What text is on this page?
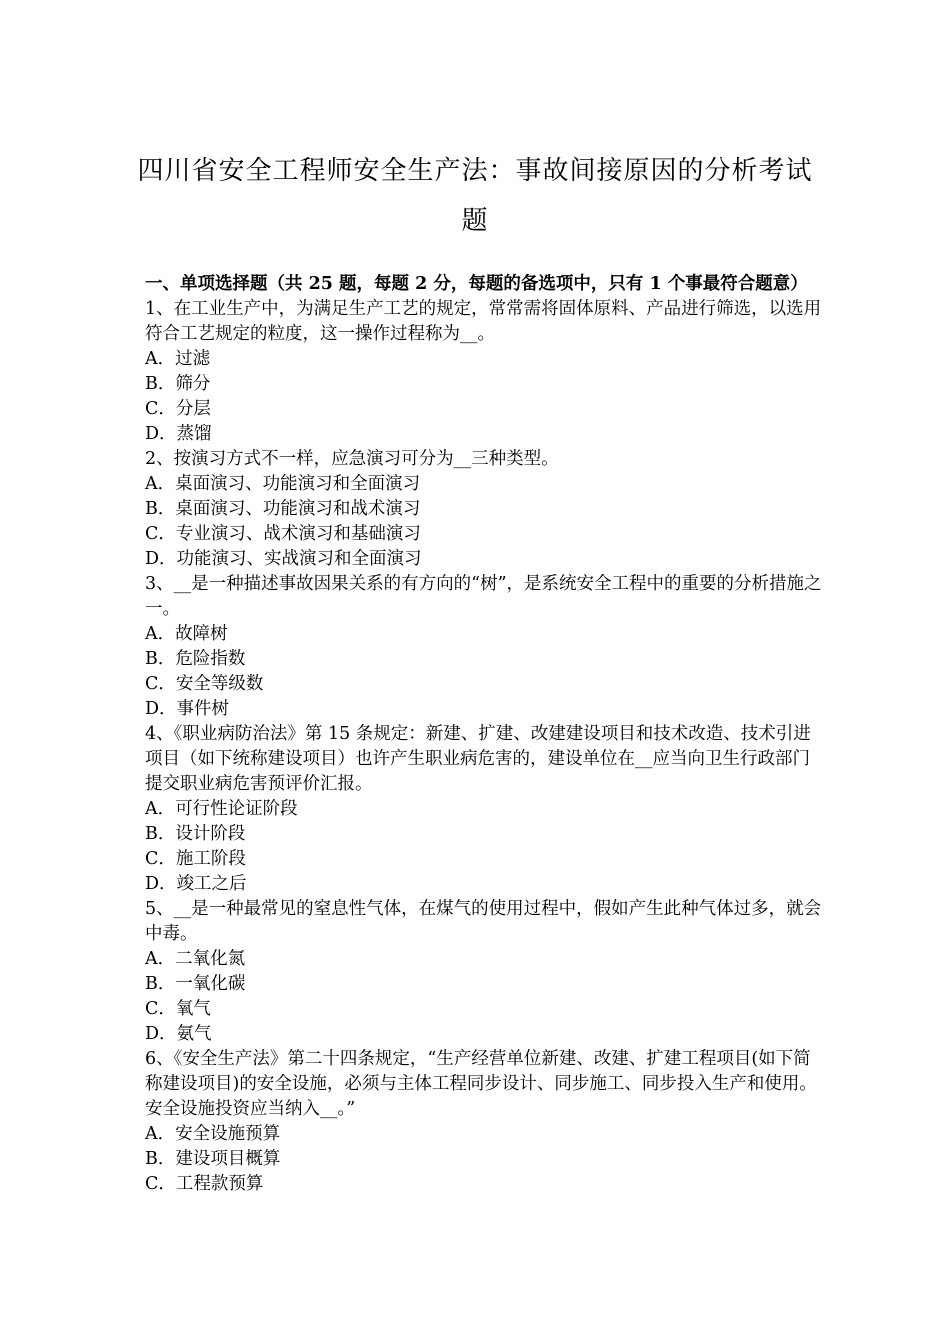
四川省安全工程师安全生产法：事故间接原因的分析考试题

一、单项选择题（共 25 题，每题 2 分，每题的备选项中，只有 1 个事最符合题意）

1、在工业生产中，为满足生产工艺的规定，常常需将固体原料、产品进行筛选，以选用符合工艺规定的粒度，这一操作过程称为__。

A．过滤

B．筛分

C．分层

D．蒸馏

2、按演习方式不一样，应急演习可分为__三种类型。

A．桌面演习、功能演习和全面演习

B．桌面演习、功能演习和战术演习

C．专业演习、战术演习和基础演习

D．功能演习、实战演习和全面演习

3、__是一种描述事故因果关系的有方向的“树”，是系统安全工程中的重要的分析措施之一。

A．故障树

B．危险指数

C．安全等级数

D．事件树

4、《职业病防治法》第 15 条规定：新建、扩建、改建建设项目和技术改造、技术引进项目（如下统称建设项目）也许产生职业病危害的，建设单位在__应当向卫生行政部门提交职业病危害预评价汇报。

A．可行性论证阶段

B．设计阶段

C．施工阶段

D．竣工之后

5、__是一种最常见的窒息性气体，在煤气的使用过程中，假如产生此种气体过多，就会中毒。

A．二氧化氮

B．一氧化碳

C．氧气

D．氨气

6、《安全生产法》第二十四条规定，“生产经营单位新建、改建、扩建工程项目(如下简称建设项目)的安全设施，必须与主体工程同步设计、同步施工、同步投入生产和使用。安全设施投资应当纳入__。”

A．安全设施预算

B．建设项目概算

C．工程款预算
